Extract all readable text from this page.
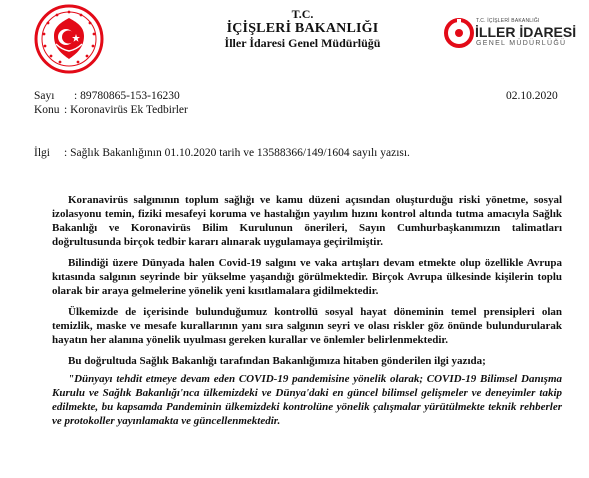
T.C.
İÇİŞLERİ BAKANLIĞI
İller İdaresi Genel Müdürlüğü
T.C. İÇİŞLERİ BAKANLIĞI
İLLER İDARESİ
GENEL MÜDÜRLÜĞÜ
Sayı : 89780865-153-16230	02.10.2020
Konu : Koronavirüs Ek Tedbirler
İlgi : Sağlık Bakanlığının 01.10.2020 tarih ve 13588366/149/1604 sayılı yazısı.
Koranavirüs salgınının toplum sağlığı ve kamu düzeni açısından oluşturduğu riski yönetme, sosyal izolasyonu temin, fiziki mesafeyi koruma ve hastalığın yayılım hızını kontrol altında tutma amacıyla Sağlık Bakanlığı ve Koronavirüs Bilim Kurulunun önerileri, Sayın Cumhurbaşkanımızın talimatları doğrultusunda birçok tedbir kararı alınarak uygulamaya geçirilmiştir.
Bilindiği üzere Dünyada halen Covid-19 salgını ve vaka artışları devam etmekte olup özellikle Avrupa kıtasında salgının seyrinde bir yükselme yaşandığı görülmektedir. Birçok Avrupa ülkesinde kişilerin toplu olarak bir araya gelmelerine yönelik yeni kısıtlamalara gidilmektedir.
Ülkemizde de içerisinde bulunduğumuz kontrollü sosyal hayat döneminin temel prensipleri olan temizlik, maske ve mesafe kurallarının yanı sıra salgının seyri ve olası riskler göz önünde bulundurularak hayatın her alanına yönelik uyulması gereken kurallar ve önlemler belirlenmektedir.
Bu doğrultuda Sağlık Bakanlığı tarafından Bakanlığımıza hitaben gönderilen ilgi yazıda;
"Dünyayı tehdit etmeye devam eden COVID-19 pandemisine yönelik olarak; COVID-19 Bilimsel Danışma Kurulu ve Sağlık Bakanlığı'nca ülkemizdeki ve Dünya'daki en güncel bilimsel gelişmeler ve deneyimler takip edilmekte, bu kapsamda Pandeminin ülkemizdeki kontrolüne yönelik çalışmalar yürütülmekte teknik rehberler ve protokoller yayınlamakta ve güncellenmektedir.
